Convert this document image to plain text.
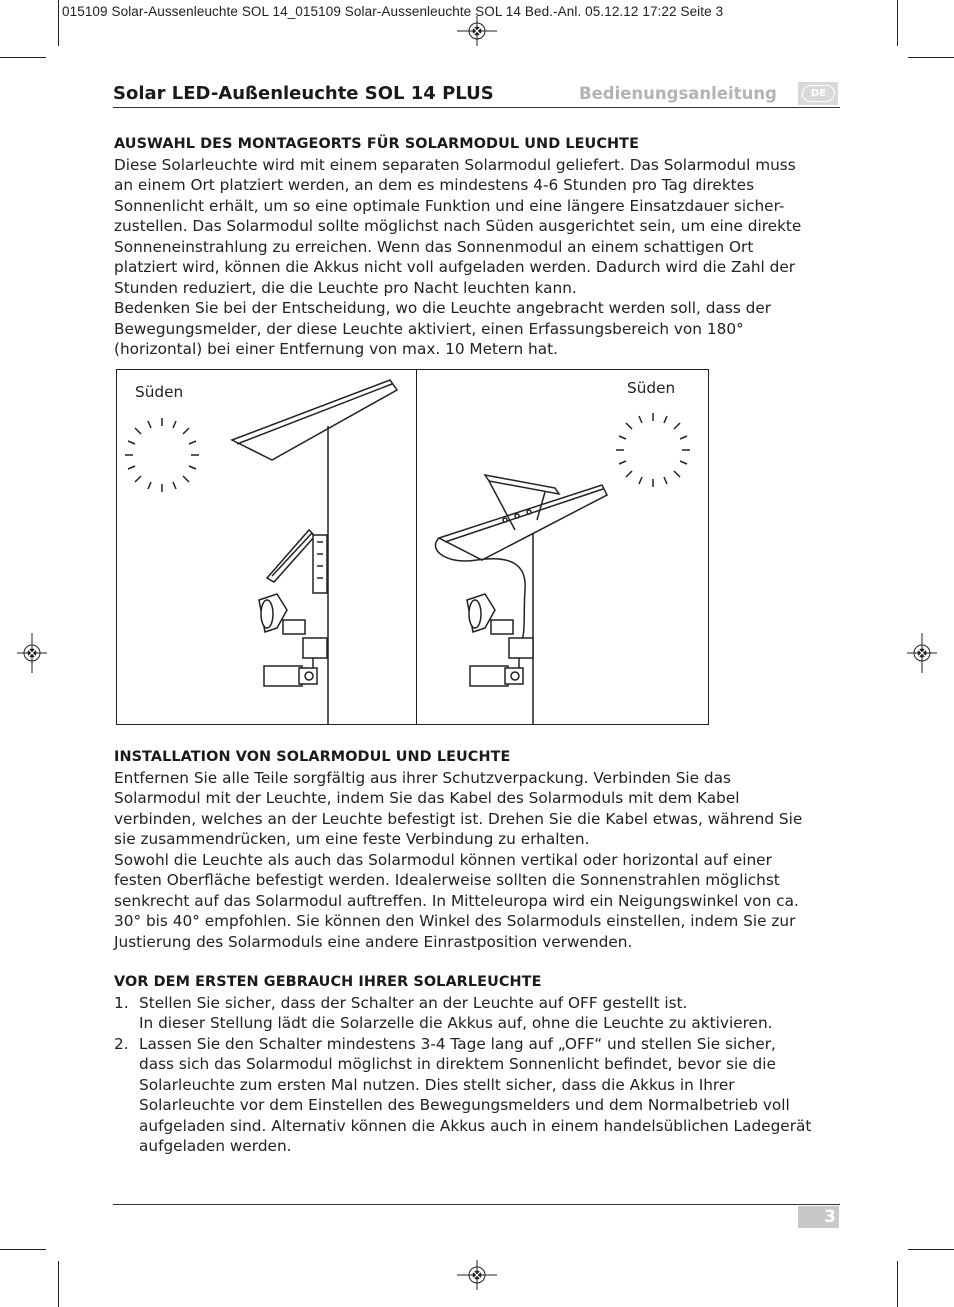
015109 Solar-Aussenleuchte SOL 14_015109 Solar-Aussenleuchte SOL 14 Bed.-Anl. 05.12.12 17:22 Seite 3
Solar LED-Außenleuchte SOL 14 PLUS	Bedienungsanleitung	DE
AUSWAHL DES MONTAGEORTS FÜR SOLARMODUL UND LEUCHTE

Diese Solarleuchte wird mit einem separaten Solarmodul geliefert. Das Solarmodul muss

an einem Ort platziert werden, an dem es mindestens 4-6 Stunden pro Tag direktes

Sonnenlicht erhält, um so eine optimale Funktion und eine längere Einsatzdauer sicher-

zustellen. Das Solarmodul sollte möglichst nach Süden ausgerichtet sein, um eine direkte

Sonneneinstrahlung zu erreichen. Wenn das Sonnenmodul an einem schattigen Ort

platziert wird, können die Akkus nicht voll aufgeladen werden. Dadurch wird die Zahl der

Stunden reduziert, die die Leuchte pro Nacht leuchten kann.

Bedenken Sie bei der Entscheidung, wo die Leuchte angebracht werden soll, dass der

Bewegungsmelder, der diese Leuchte aktiviert, einen Erfassungsbereich von 180°

(horizontal) bei einer Entfernung von max. 10 Metern hat.

Süden	Süden
INSTALLATION VON SOLARMODUL UND LEUCHTE

Entfernen Sie alle Teile sorgfältig aus ihrer Schutzverpackung. Verbinden Sie das

Solarmodul mit der Leuchte, indem Sie das Kabel des Solarmoduls mit dem Kabel

verbinden, welches an der Leuchte befestigt ist. Drehen Sie die Kabel etwas, während Sie

sie zusammendrücken, um eine feste Verbindung zu erhalten.

Sowohl die Leuchte als auch das Solarmodul können vertikal oder horizontal auf einer

festen Oberfläche befestigt werden. Idealerweise sollten die Sonnenstrahlen möglichst

senkrecht auf das Solarmodul auftreffen. In Mitteleuropa wird ein Neigungswinkel von ca.

30° bis 40° empfohlen. Sie können den Winkel des Solarmoduls einstellen, indem Sie zur

Justierung des Solarmoduls eine andere Einrastposition verwenden.

VOR DEM ERSTEN GEBRAUCH IHRER SOLARLEUCHTE
1. Stellen Sie sicher, dass der Schalter an der Leuchte auf OFF gestellt ist.
In dieser Stellung lädt die Solarzelle die Akkus auf, ohne die Leuchte zu aktivieren.
2. Lassen Sie den Schalter mindestens 3-4 Tage lang auf „OFF“ und stellen Sie sicher,
dass sich das Solarmodul möglichst in direktem Sonnenlicht befindet, bevor sie die
Solarleuchte zum ersten Mal nutzen. Dies stellt sicher, dass die Akkus in Ihrer
Solarleuchte vor dem Einstellen des Bewegungsmelders und dem Normalbetrieb voll
aufgeladen sind. Alternativ können die Akkus auch in einem handelsüblichen Ladegerät
aufgeladen werden.
3
